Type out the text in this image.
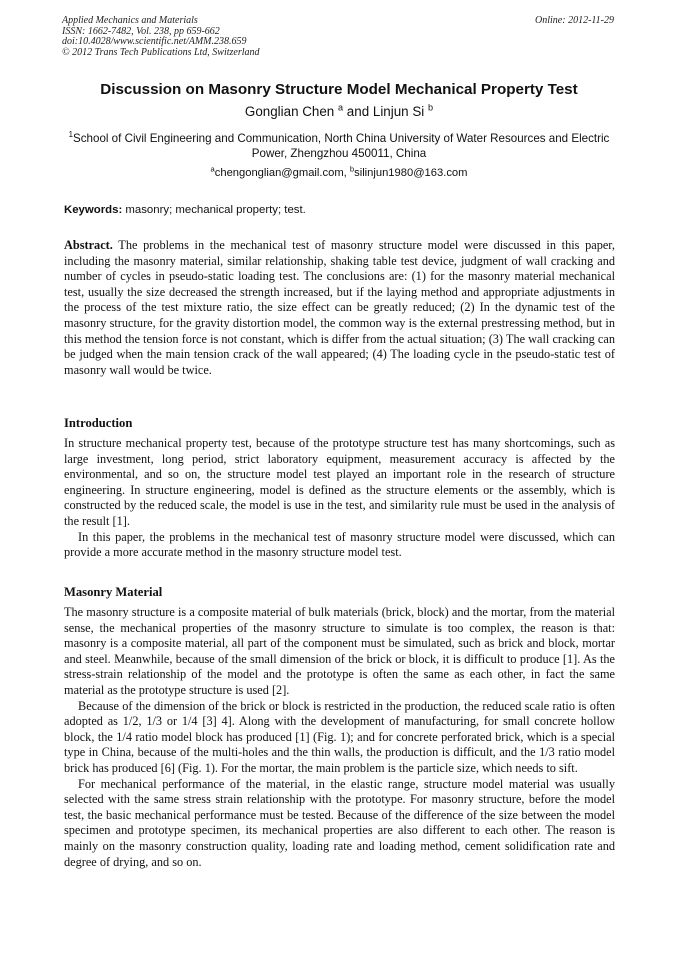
Applied Mechanics and Materials
ISSN: 1662-7482, Vol. 238, pp 659-662
doi:10.4028/www.scientific.net/AMM.238.659
© 2012 Trans Tech Publications Ltd, Switzerland
Online: 2012-11-29
Discussion on Masonry Structure Model Mechanical Property Test
Gonglian Chen $^a$ and Linjun Si $^b$
$^1$School of Civil Engineering and Communication, North China University of Water Resources and Electric Power, Zhengzhou 450011, China
$^a$chengonglian@gmail.com, $^b$silinjun1980@163.com
Keywords: masonry; mechanical property; test.

Abstract. The problems in the mechanical test of masonry structure model were discussed in this paper, including the masonry material, similar relationship, shaking table test device, judgment of wall cracking and number of cycles in pseudo-static loading test. The conclusions are: (1) for the masonry material mechanical test, usually the size decreased the strength increased, but if the laying method and appropriate adjustments in the process of the test mixture ratio, the size effect can be greatly reduced; (2) In the dynamic test of the masonry structure, for the gravity distortion model, the common way is the external prestressing method, but in this method the tension force is not constant, which is differ from the actual situation; (3) The wall cracking can be judged when the main tension crack of the wall appeared; (4) The loading cycle in the pseudo-static test of masonry wall would be twice.

Introduction

In structure mechanical property test, because of the prototype structure test has many shortcomings, such as large investment, long period, strict laboratory equipment, measurement accuracy is affected by the environmental, and so on, the structure model test played an important role in the research of structure engineering. In structure engineering, model is defined as the structure elements or the assembly, which is constructed by the reduced scale, the model is use in the test, and similarity rule must be used in the analysis of the result [1].

In this paper, the problems in the mechanical test of masonry structure model were discussed, which can provide a more accurate method in the masonry structure model test.

Masonry Material

The masonry structure is a composite material of bulk materials (brick, block) and the mortar, from the material sense, the mechanical properties of the masonry structure to simulate is too complex, the reason is that: masonry is a composite material, all part of the component must be simulated, such as brick and block, mortar and steel. Meanwhile, because of the small dimension of the brick or block, it is difficult to produce [1]. As the stress-strain relationship of the model and the prototype is often the same as each other, in fact the same material as the prototype structure is used [2].

Because of the dimension of the brick or block is restricted in the production, the reduced scale ratio is often adopted as 1/2, 1/3 or 1/4 [3] 4]. Along with the development of manufacturing, for small concrete hollow block, the 1/4 ratio model block has produced [1] (Fig. 1); and for concrete perforated brick, which is a special type in China, because of the multi-holes and the thin walls, the production is difficult, and the 1/3 ratio model brick has produced [6] (Fig. 1). For the mortar, the main problem is the particle size, which needs to sift.

For mechanical performance of the material, in the elastic range, structure model material was usually selected with the same stress strain relationship with the prototype. For masonry structure, before the model test, the basic mechanical performance must be tested. Because of the difference of the size between the model specimen and prototype specimen, its mechanical properties are also different to each other. The reason is mainly on the masonry construction quality, loading rate and loading method, cement solidification rate and degree of drying, and so on.
